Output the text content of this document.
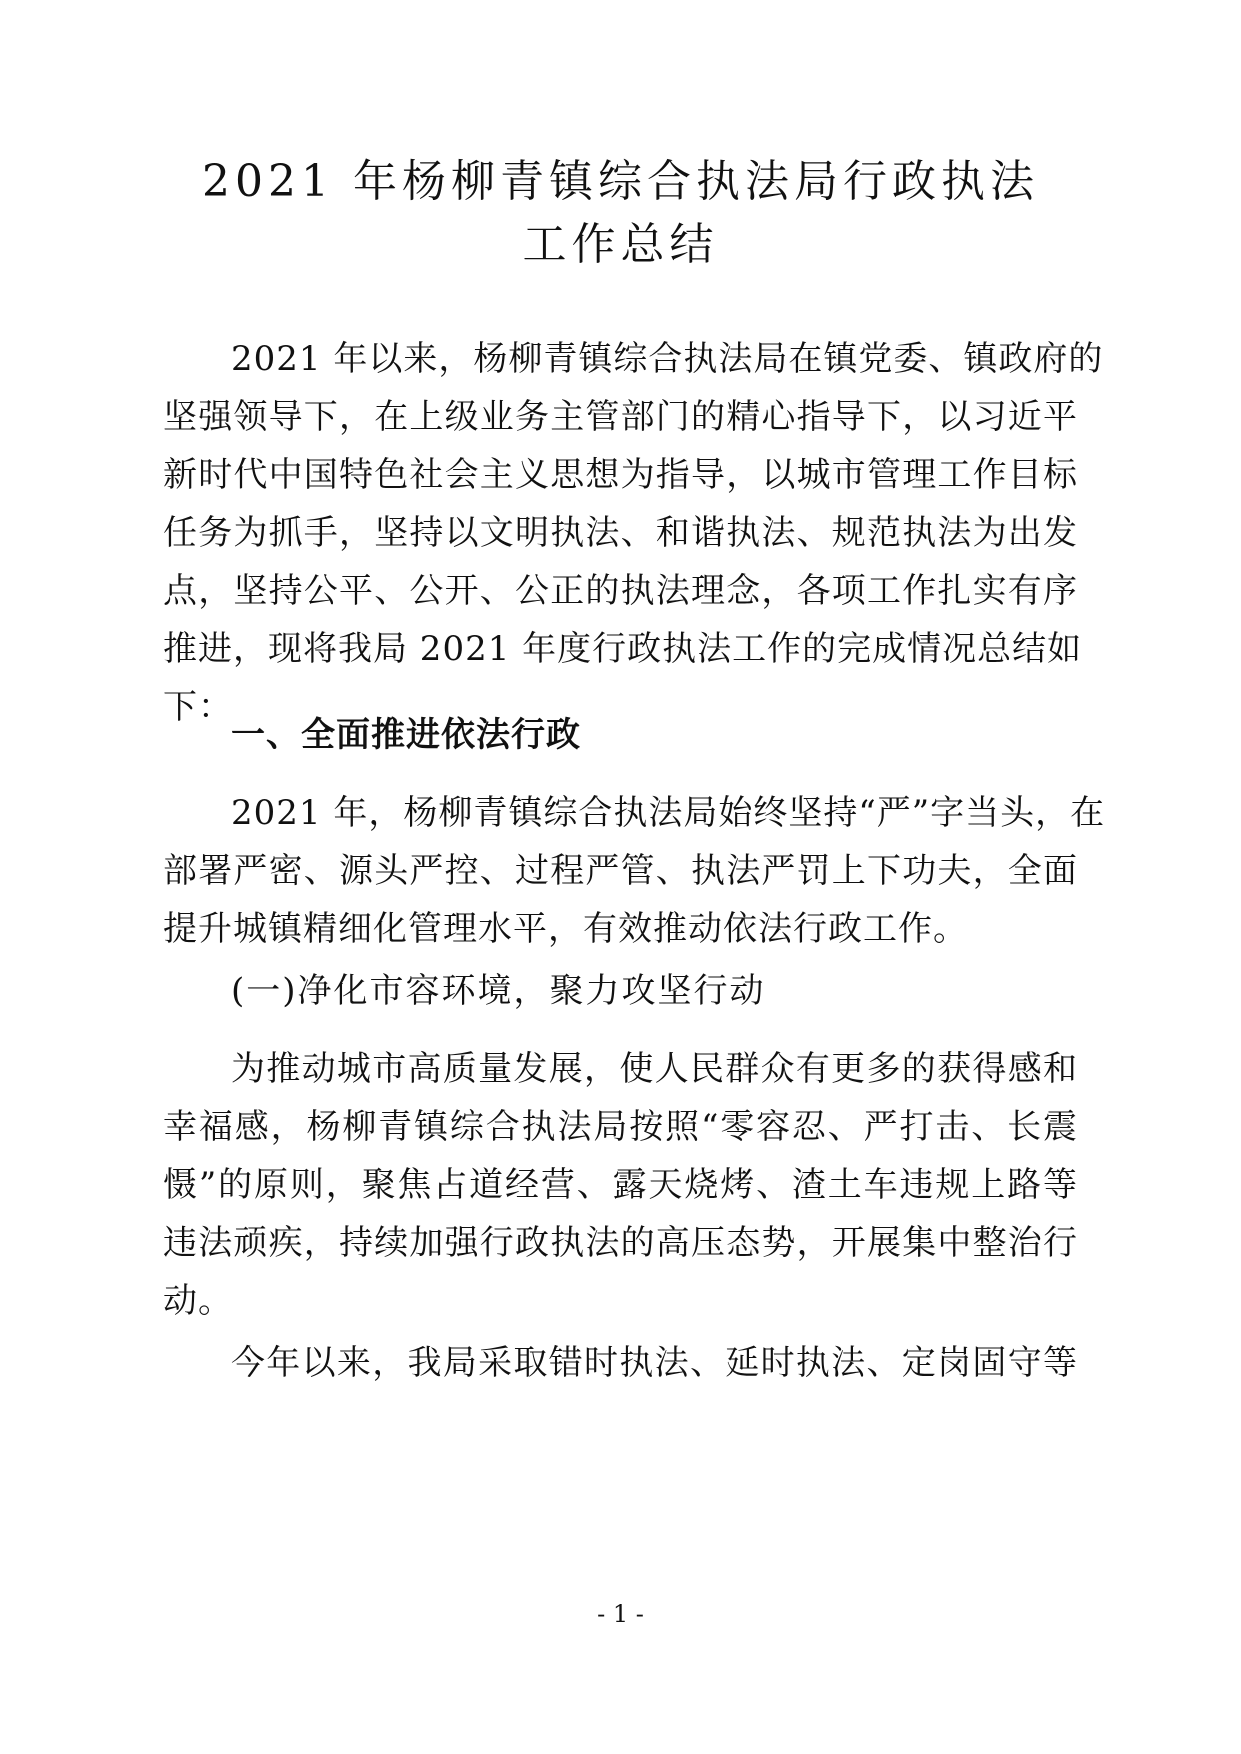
2021 年杨柳青镇综合执法局行政执法
工作总结
2021 年以来，杨柳青镇综合执法局在镇党委、镇政府的
坚强领导下，在上级业务主管部门的精心指导下，以习近平
新时代中国特色社会主义思想为指导，以城市管理工作目标
任务为抓手，坚持以文明执法、和谐执法、规范执法为出发
点，坚持公平、公开、公正的执法理念，各项工作扎实有序
推进，现将我局 2021 年度行政执法工作的完成情况总结如
下：
一、全面推进依法行政
2021 年，杨柳青镇综合执法局始终坚持“严”字当头，在
部署严密、源头严控、过程严管、执法严罚上下功夫，全面
提升城镇精细化管理水平，有效推动依法行政工作。
(一)净化市容环境，聚力攻坚行动
为推动城市高质量发展，使人民群众有更多的获得感和
幸福感，杨柳青镇综合执法局按照“零容忍、严打击、长震
慑”的原则，聚焦占道经营、露天烧烤、渣土车违规上路等
违法顽疾，持续加强行政执法的高压态势，开展集中整治行
动。
今年以来，我局采取错时执法、延时执法、定岗固守等
- 1 -
